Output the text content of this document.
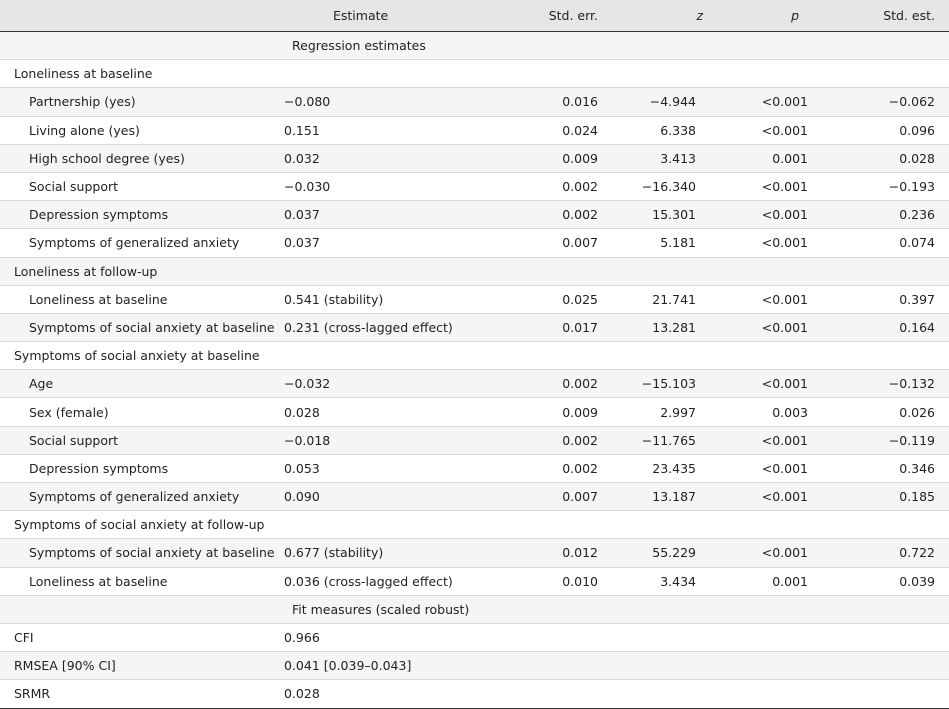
	Estimate	Std. err.	z	p	Std. est.
	Regression estimates				
Loneliness at baseline					
Partnership (yes)	−0.080	0.016	−4.944	<0.001	−0.062
Living alone (yes)	0.151	0.024	6.338	<0.001	0.096
High school degree (yes)	0.032	0.009	3.413	0.001	0.028
Social support	−0.030	0.002	−16.340	<0.001	−0.193
Depression symptoms	0.037	0.002	15.301	<0.001	0.236
Symptoms of generalized anxiety	0.037	0.007	5.181	<0.001	0.074
Loneliness at follow-up					
Loneliness at baseline	0.541 (stability)	0.025	21.741	<0.001	0.397
Symptoms of social anxiety at baseline	0.231 (cross-lagged effect)	0.017	13.281	<0.001	0.164
Symptoms of social anxiety at baseline					
Age	−0.032	0.002	−15.103	<0.001	−0.132
Sex (female)	0.028	0.009	2.997	0.003	0.026
Social support	−0.018	0.002	−11.765	<0.001	−0.119
Depression symptoms	0.053	0.002	23.435	<0.001	0.346
Symptoms of generalized anxiety	0.090	0.007	13.187	<0.001	0.185
Symptoms of social anxiety at follow-up					
Symptoms of social anxiety at baseline	0.677 (stability)	0.012	55.229	<0.001	0.722
Loneliness at baseline	0.036 (cross-lagged effect)	0.010	3.434	0.001	0.039
	Fit measures (scaled robust)				
CFI	0.966				
RMSEA [90% CI]	0.041 [0.039–0.043]				
SRMR	0.028				
